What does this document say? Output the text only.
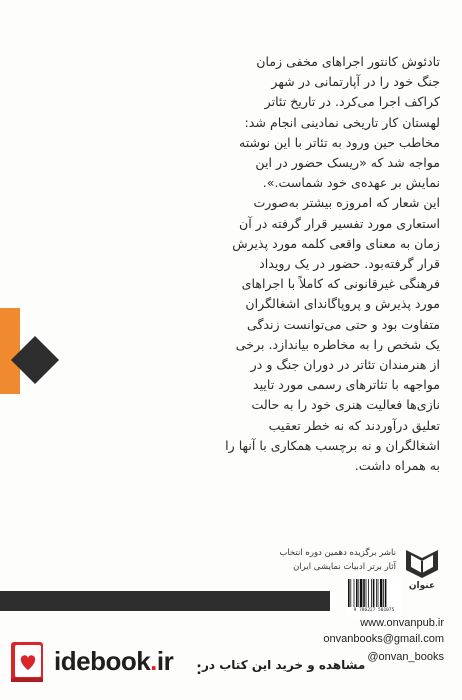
تادئوش کانتور اجراهای مخفی زمان

جنگ خود را در آپارتمانی در شهر

کراکف اجرا می‌کرد. در تاریخ تئاتر

لهستان کار تاریخی نمادینی انجام شد:

مخاطب حین ورود به تئاتر با این نوشته

مواجه شد که «ریسک حضور در این

نمایش بر عهده‌ی خود شماست.».

این شعار که امروزه بیشتر به‌صورت

استعاری مورد تفسیر قرار گرفته در آن

زمان به معنای واقعی کلمه مورد پذیرش

قرار گرفته‌بود. حضور در یک رویداد

فرهنگی غیرقانونی که کاملاً با اجراهای

مورد پذیرش و پروپاگاندای اشغالگران

متفاوت بود و حتی می‌توانست زندگی

یک شخص را به مخاطره بیاندازد. برخی

از هنرمندان تئاتر در دوران جنگ و در

مواجهه با تئاترهای رسمی مورد تایید

نازی‌ها فعالیت هنری خود را به حالت

تعلیق درآوردند که نه خطر تعقیب

اشغالگران و نه برچسب همکاری با آنها را

به همراه داشت.

ناشر برگزیده دهمین دوره انتخاب
آثار برتر ادبیات نمایشی ایران
عنوان
9 786227 501075
www.onvanpub.ir
onvanbooks@gmail.com
@onvan_books
idebook.ir : مشاهده و خرید این کتاب در
